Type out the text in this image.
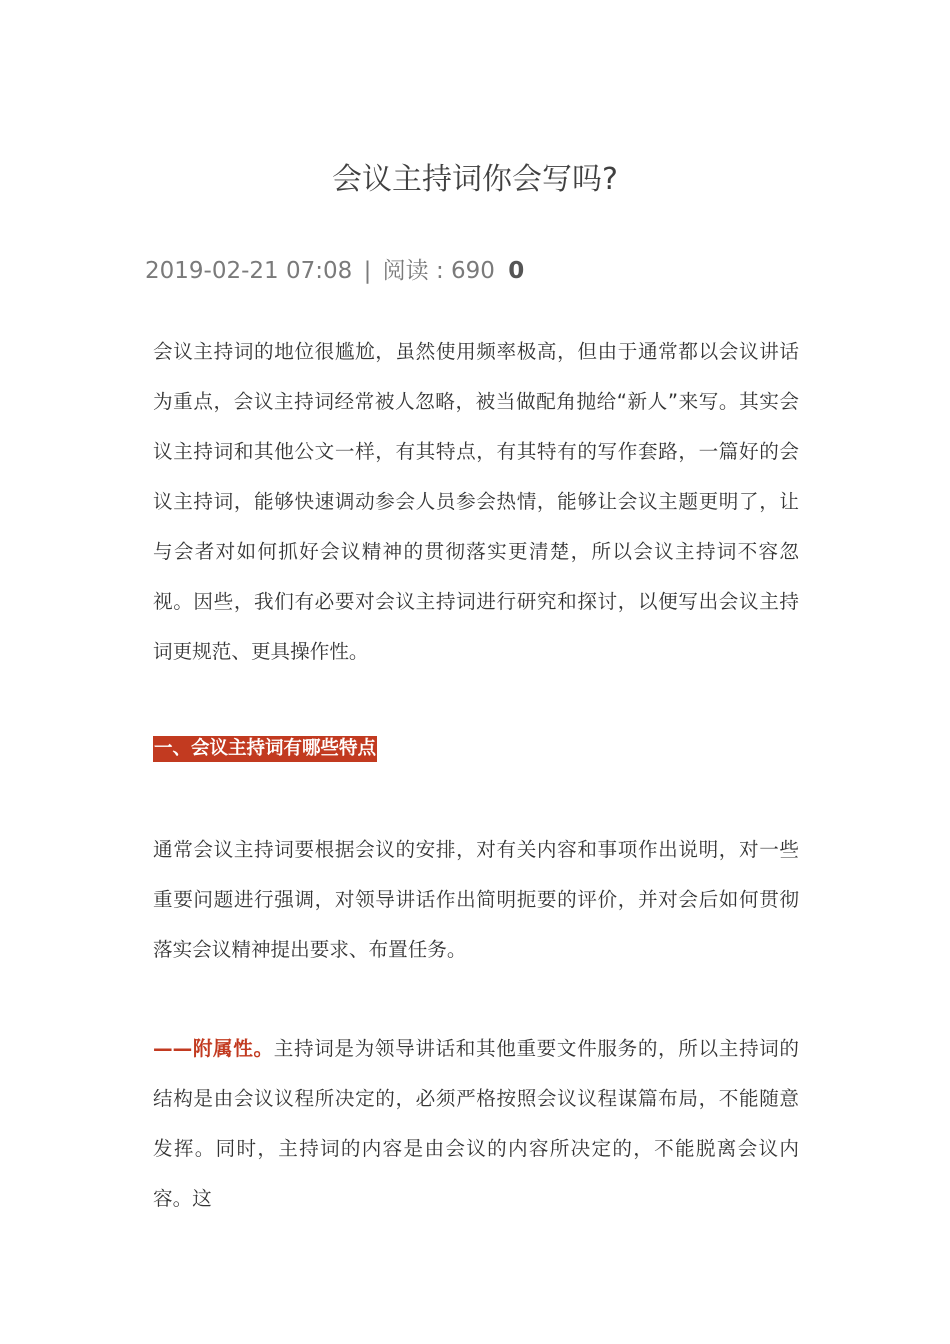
会议主持词你会写吗?
2019-02-21 07:08 | 阅读 : 690 0

会议主持词的地位很尴尬，虽然使用频率极高，但由于通常都以会议讲话为重点，会议主持词经常被人忽略，被当做配角抛给“新人”来写。其实会议主持词和其他公文一样，有其特点，有其特有的写作套路，一篇好的会议主持词，能够快速调动参会人员参会热情，能够让会议主题更明了，让与会者对如何抓好会议精神的贯彻落实更清楚，所以会议主持词不容忽视。因些，我们有必要对会议主持词进行研究和探讨，以便写出会议主持词更规范、更具操作性。

一、会议主持词有哪些特点

通常会议主持词要根据会议的安排，对有关内容和事项作出说明，对一些重要问题进行强调，对领导讲话作出简明扼要的评价，并对会后如何贯彻落实会议精神提出要求、布置任务。

——附属性。主持词是为领导讲话和其他重要文件服务的，所以主持词的结构是由会议议程所决定的，必须严格按照会议议程谋篇布局，不能随意发挥。同时，主持词的内容是由会议的内容所决定的，不能脱离会议内容。这
